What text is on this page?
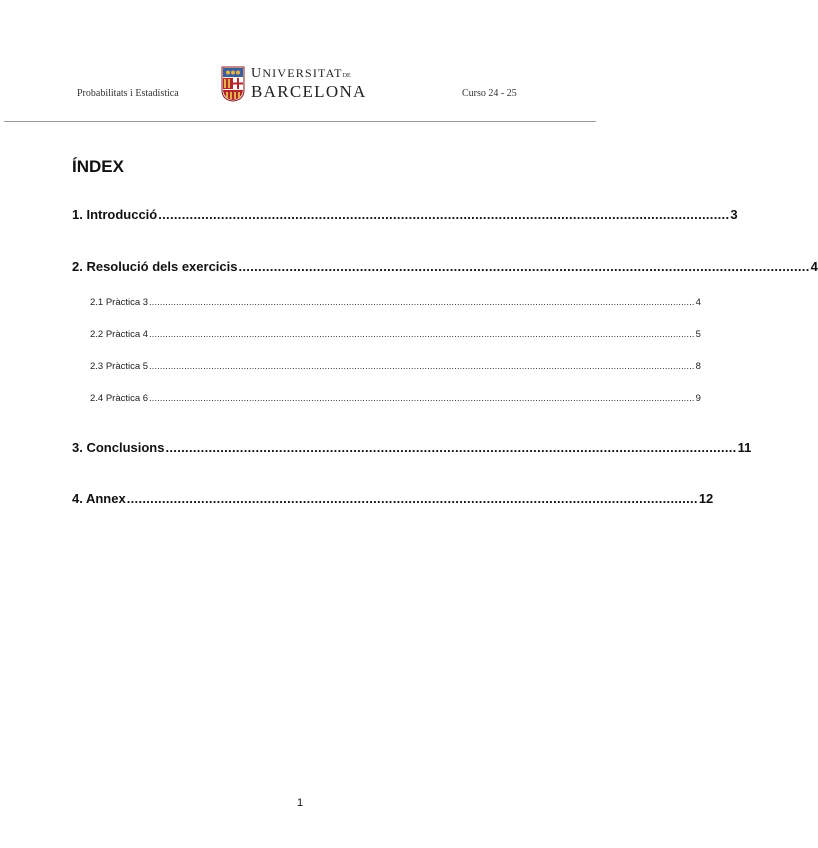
Probabilitats i Estadística
UNIVERSITATDE
BARCELONA	Curso 24 - 25
ÍNDEX
1. Introducció .................................................................................................................................................. 3
2. Resolució dels exercicis .................................................................................................................................................. 4
2.1 Pràctica 3 .......................................................................................................................................................................................................... 4
2.2 Pràctica 4 .......................................................................................................................................................................................................... 5
2.3 Pràctica 5 .......................................................................................................................................................................................................... 8
2.4 Pràctica 6 .......................................................................................................................................................................................................... 9
3. Conclusions .................................................................................................................................................. 11
4. Annex .................................................................................................................................................. 12
1
